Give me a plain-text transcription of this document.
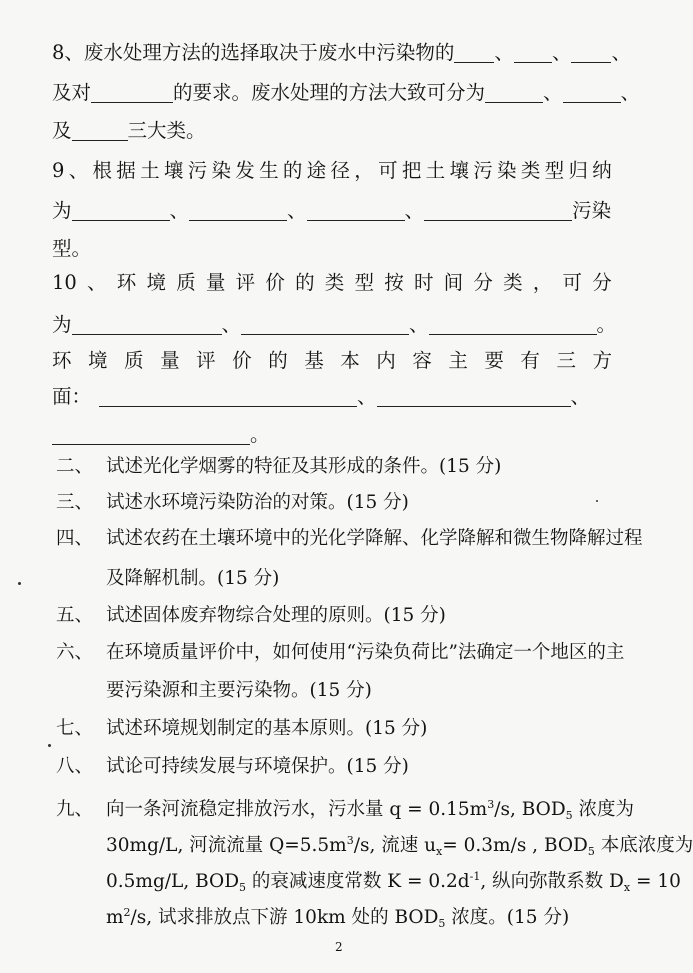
8、废水处理方法的选择取决于废水中污染物的 、 、 、
及对	的要求。废水处理的方法大致可分为	、	、
及	三大类。
9 、 根 据 土 壤 污 染 发 生 的 途 径 ， 可 把 土 壤 污 染 类 型 归 纳
为	、	、	、	污染
型。
10 、 环 境 质 量 评 价 的 类 型 按 时 间 分 类 ， 可 分
为	、	、	。
环 境 质 量 评 价 的 基 本 内 容 主 要 有 三 方
面：	、	、
。
二、 试述光化学烟雾的特征及其形成的条件。(15 分)
三、 试述水环境污染防治的对策。(15 分)
四、 试述农药在土壤环境中的光化学降解、化学降解和微生物降解过程
及降解机制。(15 分)
五、 试述固体废弃物综合处理的原则。(15 分)
六、 在环境质量评价中，如何使用“污染负荷比”法确定一个地区的主
要污染源和主要污染物。(15 分)
七、 试述环境规划制定的基本原则。(15 分)
八、 试论可持续发展与环境保护。(15 分)
九、 向一条河流稳定排放污水，污水量 $q = 0.15m^3/s$, $BOD_5$ 浓度为
30mg/L, 河流流量 $Q=5.5m^3/s$, 流速 $u_x= 0.3m/s$ , $BOD_5$ 本底浓度为
0.5mg/L, $BOD_5$ 的衰减速度常数 $K = 0.2d^{-1}$, 纵向弥散系数 $D_x = 10$
$m^2/s$, 试求排放点下游 10km 处的 $BOD_5$ 浓度。(15 分)
2
